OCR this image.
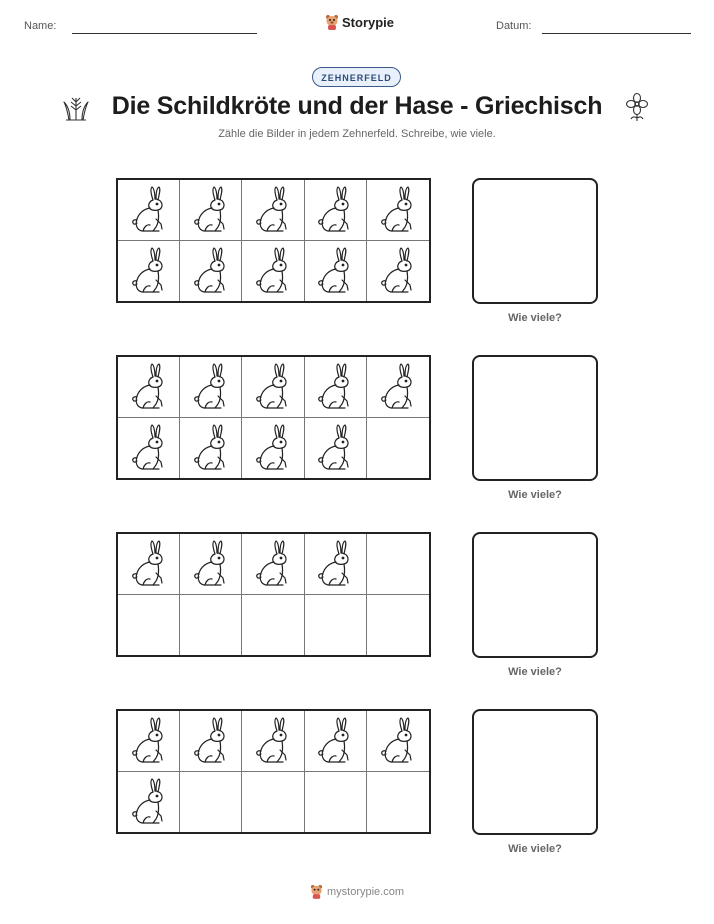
Name:	Storypie	Datum:
ZEHNERFELD
Die Schildkröte und der Hase - Griechisch
Zähle die Bilder in jedem Zehnerfeld. Schreibe, wie viele.
Wie viele?
Wie viele?
Wie viele?
Wie viele?
mystorypie.com
